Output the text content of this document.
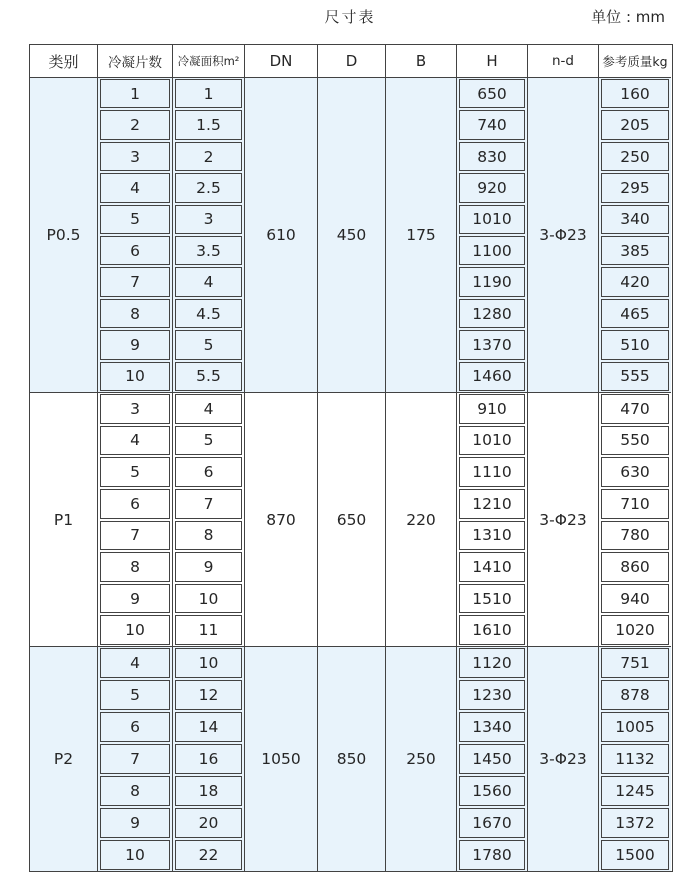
尺寸表	单位 : mm
类别
P0.5
P1
P2
冷凝片数
1
2
3
4
5
6
7
8
9
10
3
4
5
6
7
8
9
10
4
5
6
7
8
9
10
冷凝面积m²
1
1.5
2
2.5
3
3.5
4
4.5
5
5.5
4
5
6
7
8
9
10
11
10
12
14
16
18
20
22
DN
610
870
1050
D
450
650
850
B
175
220
250
H
650
740
830
920
1010
1100
1190
1280
1370
1460
910
1010
1110
1210
1310
1410
1510
1610
1120
1230
1340
1450
1560
1670
1780
n-d
3-Φ23
3-Φ23
3-Φ23
参考质量kg
160
205
250
295
340
385
420
465
510
555
470
550
630
710
780
860
940
1020
751
878
1005
1132
1245
1372
1500
